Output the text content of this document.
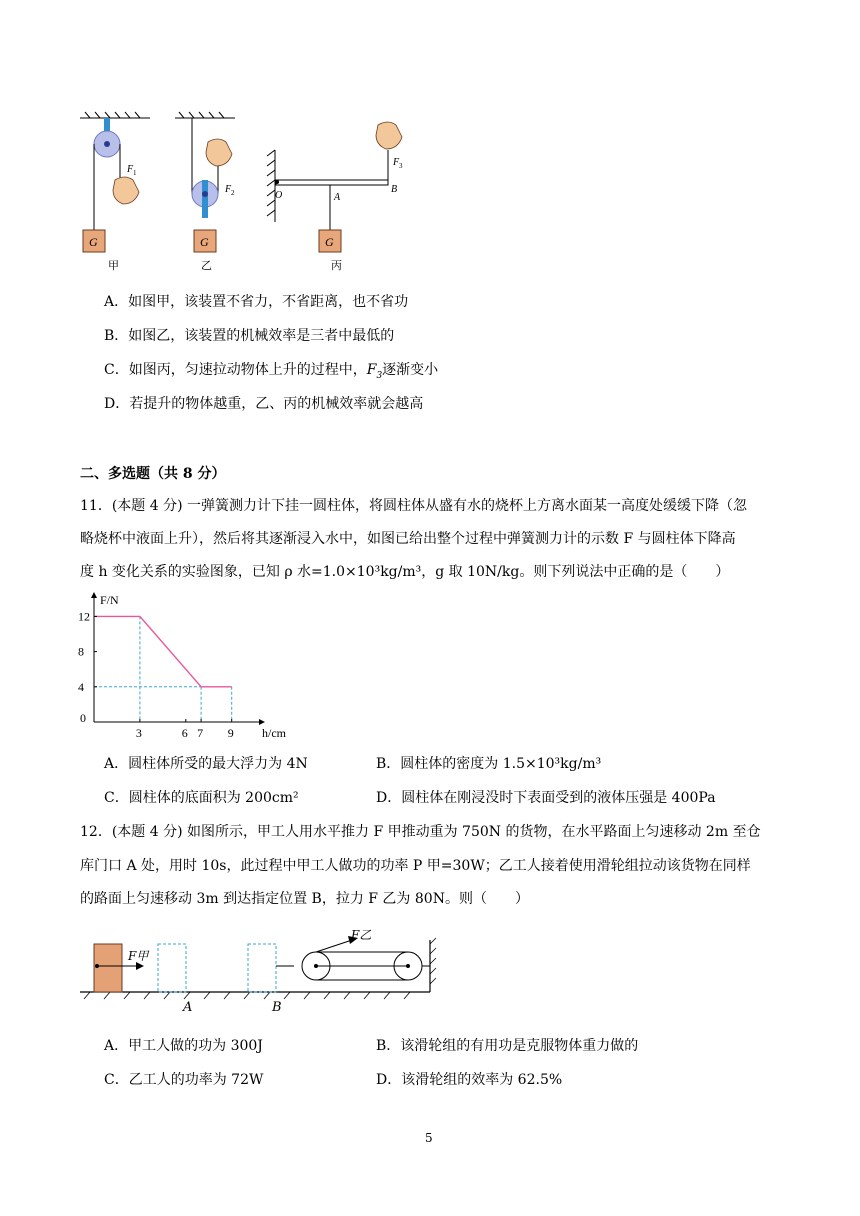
G
F 1
G
F 2
G
O	A
B
F 3
甲	乙	丙
A．如图甲，该装置不省力，不省距离，也不省功
B．如图乙，该装置的机械效率是三者中最低的
C．如图丙，匀速拉动物体上升的过程中，$F_3$逐渐变小
D．若提升的物体越重，乙、丙的机械效率就会越高
二、多选题（共 8 分）
11．(本题 4 分) 一弹簧测力计下挂一圆柱体，将圆柱体从盛有水的烧杯上方离水面某一高度处缓缓下降（忽
略烧杯中液面上升），然后将其逐渐浸入水中，如图已给出整个过程中弹簧测力计的示数 F 与圆柱体下降高
度 h 变化关系的实验图象，已知 ρ 水=1.0×10³kg/m³，g 取 10N/kg。则下列说法中正确的是（　　）
0
3	6 7 9
4
8
12
F/N
h/cm
A．圆柱体所受的最大浮力为 4N	B．圆柱体的密度为 1.5×10³kg/m³
C．圆柱体的底面积为 200cm²	D．圆柱体在刚浸没时下表面受到的液体压强是 400Pa
12．(本题 4 分) 如图所示，甲工人用水平推力 F 甲推动重为 750N 的货物，在水平路面上匀速移动 2m 至仓
库门口 A 处，用时 10s，此过程中甲工人做功的功率 P 甲=30W；乙工人接着使用滑轮组拉动该货物在同样
的路面上匀速移动 3m 到达指定位置 B，拉力 F 乙为 80N。则（　　）
F甲
F乙
A	B
A．甲工人做的功为 300J	B．该滑轮组的有用功是克服物体重力做的
C．乙工人的功率为 72W	D．该滑轮组的效率为 62.5%
5
